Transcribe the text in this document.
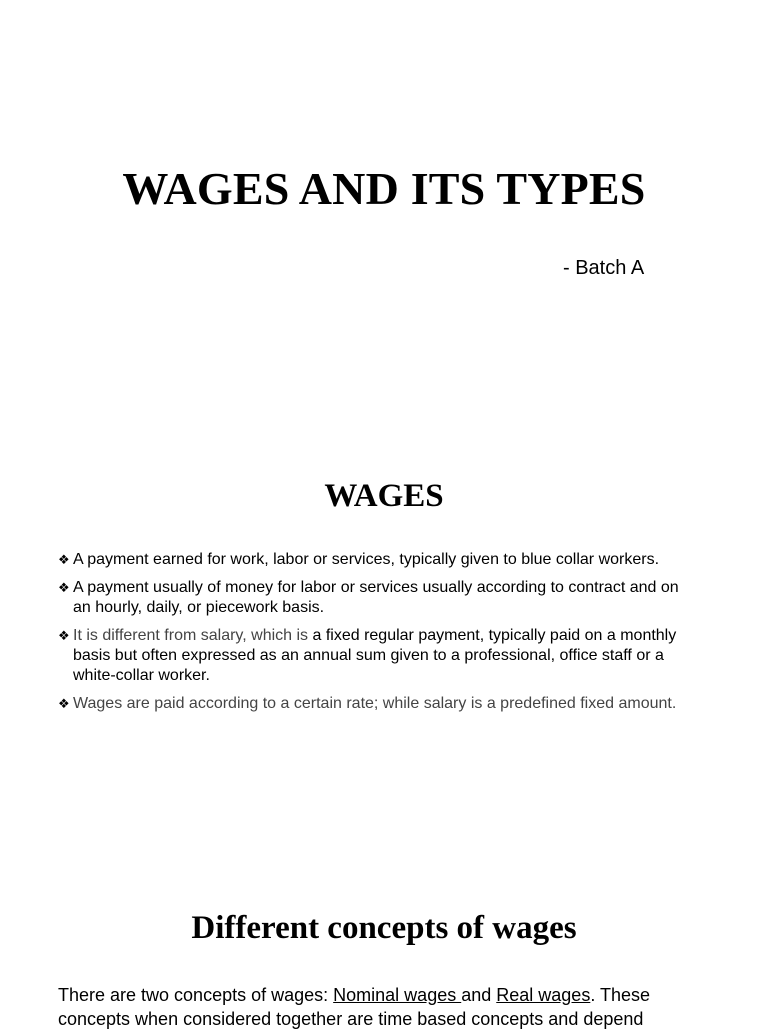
WAGES AND ITS TYPES
- Batch A
WAGES
❖ A payment earned for work, labor or services, typically given to blue collar workers.
❖ A payment usually of money for labor or services usually according to contract and on an hourly, daily, or piecework basis.
❖ It is different from salary, which is a fixed regular payment, typically paid on a monthly basis but often expressed as an annual sum given to a professional, office staff or a white-collar worker.
❖ Wages are paid according to a certain rate; while salary is a predefined fixed amount.
Different concepts of wages
There are two concepts of wages: Nominal wages and Real wages. These concepts when considered together are time based concepts and depend
